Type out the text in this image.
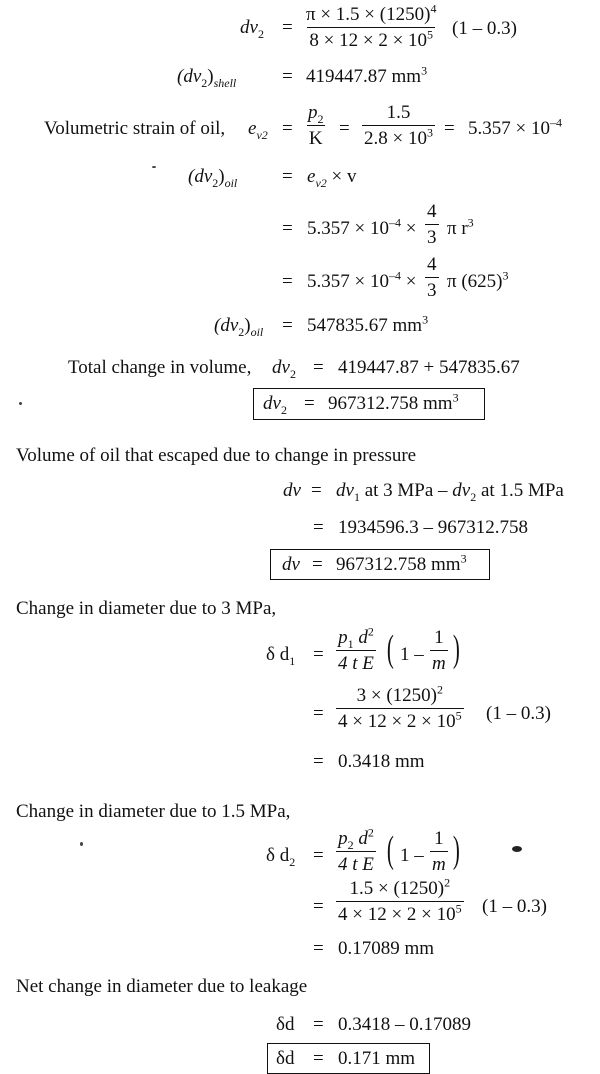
$dv_2 = \frac{\pi \times 1.5 \times (1250)^4}{8 \times 12 \times 2 \times 10^5} (1 - 0.3)$
$(dv_2)_{shell} = 419447.87$ $mm^3$
Volumetric strain of oil, $e_{v2} = \frac{p_2}{K} = \frac{1.5}{2.8 \times 10^3} = 5.357 \times 10^{-4}$
$(dv_2)_{oil} = e_{v2} \times v$
= $5.357 \times 10^{-4} \times \frac{4}{3}$ π $r^3$
= $5.357 \times 10^{-4} \times \frac{4}{3}$ π $(625)^3$
$(dv_2)_{oil} = 547835.67$ $mm^3$
Total change in volume, $dv_2 = 419447.87 + 547835.67$
$dv_2 = 967312.758$ $mm^3$
Volume of oil that escaped due to change in pressure
dv = $dv_1$ at 3 MPa – $dv_2$ at 1.5 MPa
= 1934596.3 – 967312.758
dv = 967312.758 $mm^3$
Change in diameter due to 3 MPa,
δ $d_1 = \frac{p_1 d^2}{\text{4 t E}}$ ( $1 - \frac{1}{m}$ )
= $\frac{3 \times (1250)^2}{4 \times 12 \times 2 \times 10^5} (1 - 0.3)$
= 0.3418 mm
Change in diameter due to 1.5 MPa,
δ $d_2 = \frac{p_2 d^2}{\text{4 t E}}$ ( $1 - \frac{1}{m}$ )
= $\frac{1.5 \times (1250)^2}{4 \times 12 \times 2 \times 10^5} (1 - 0.3)$
= 0.17089 mm
Net change in diameter due to leakage
δd = 0.3418 – 0.17089
δd = 0.171 mm
